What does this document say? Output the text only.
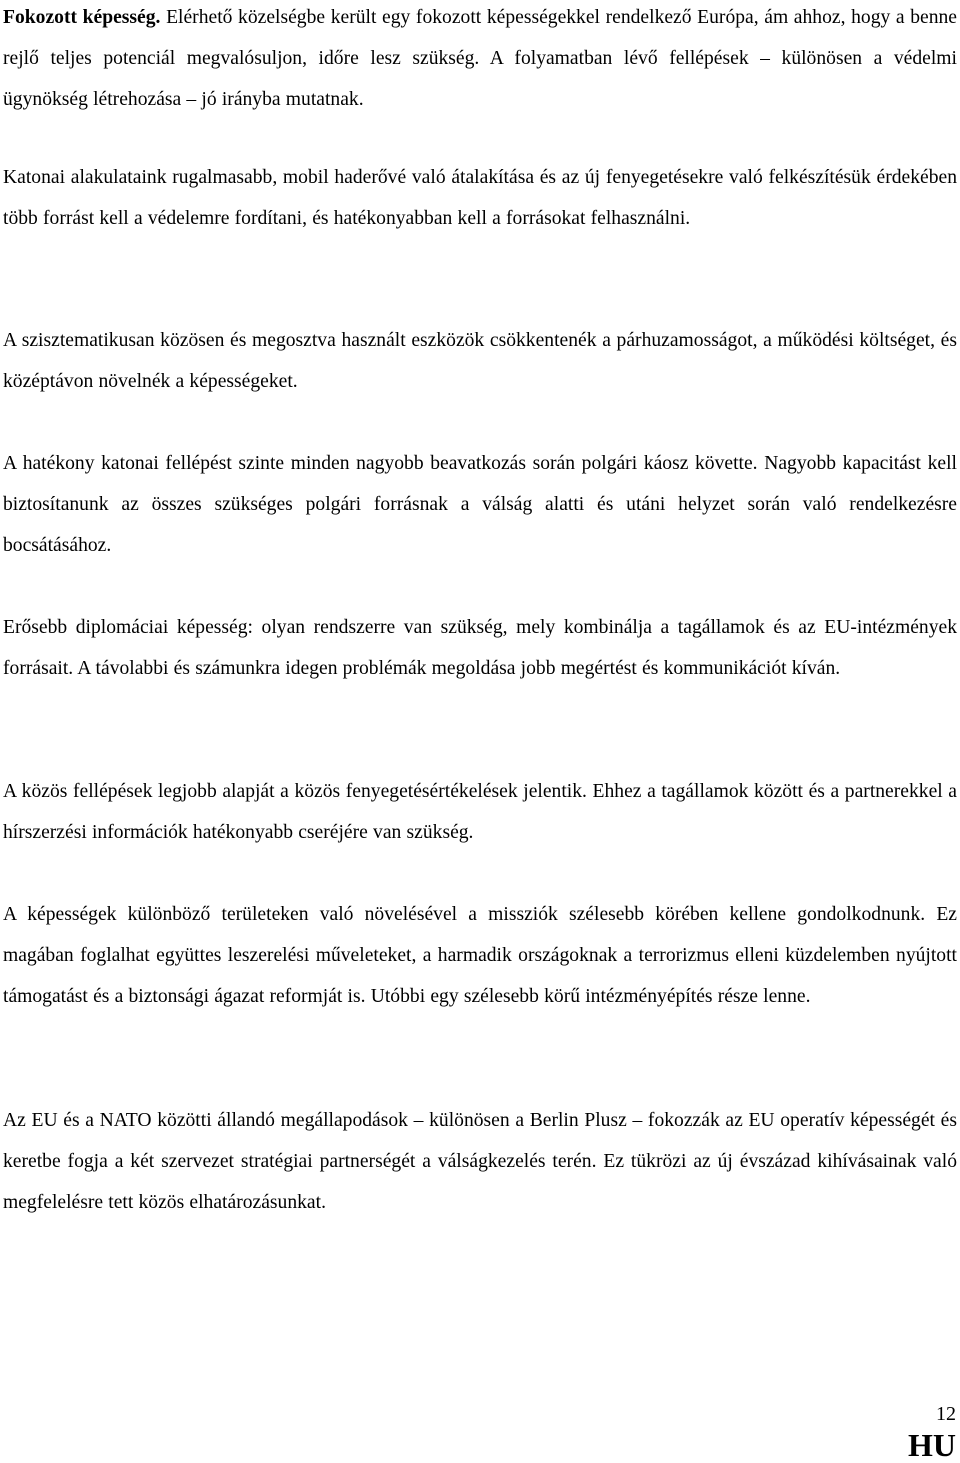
Fokozott képesség. Elérhető közelségbe került egy fokozott képességekkel rendelkező Európa, ám ahhoz, hogy a benne rejlő teljes potenciál megvalósuljon, időre lesz szükség. A folyamatban lévő fellépések – különösen a védelmi ügynökség létrehozása – jó irányba mutatnak.

Katonai alakulataink rugalmasabb, mobil haderővé való átalakítása és az új fenyegetésekre való felkészítésük érdekében több forrást kell a védelemre fordítani, és hatékonyabban kell a forrásokat felhasználni.

A szisztematikusan közösen és megosztva használt eszközök csökkentenék a párhuzamosságot, a működési költséget, és középtávon növelnék a képességeket.

A hatékony katonai fellépést szinte minden nagyobb beavatkozás során polgári káosz követte. Nagyobb kapacitást kell biztosítanunk az összes szükséges polgári forrásnak a válság alatti és utáni helyzet során való rendelkezésre bocsátásához.

Erősebb diplomáciai képesség: olyan rendszerre van szükség, mely kombinálja a tagállamok és az EU-intézmények forrásait. A távolabbi és számunkra idegen problémák megoldása jobb megértést és kommunikációt kíván.

A közös fellépések legjobb alapját a közös fenyegetésértékelések jelentik. Ehhez a tagállamok között és a partnerekkel a hírszerzési információk hatékonyabb cseréjére van szükség.

A képességek különböző területeken való növelésével a missziók szélesebb körében kellene gondolkodnunk. Ez magában foglalhat együttes leszerelési műveleteket, a harmadik országoknak a terrorizmus elleni küzdelemben nyújtott támogatást és a biztonsági ágazat reformját is. Utóbbi egy szélesebb körű intézményépítés része lenne.

Az EU és a NATO közötti állandó megállapodások – különösen a Berlin Plusz – fokozzák az EU operatív képességét és keretbe fogja a két szervezet stratégiai partnerségét a válságkezelés terén. Ez tükrözi az új évszázad kihívásainak való megfelelésre tett közös elhatározásunkat.

12
HU
